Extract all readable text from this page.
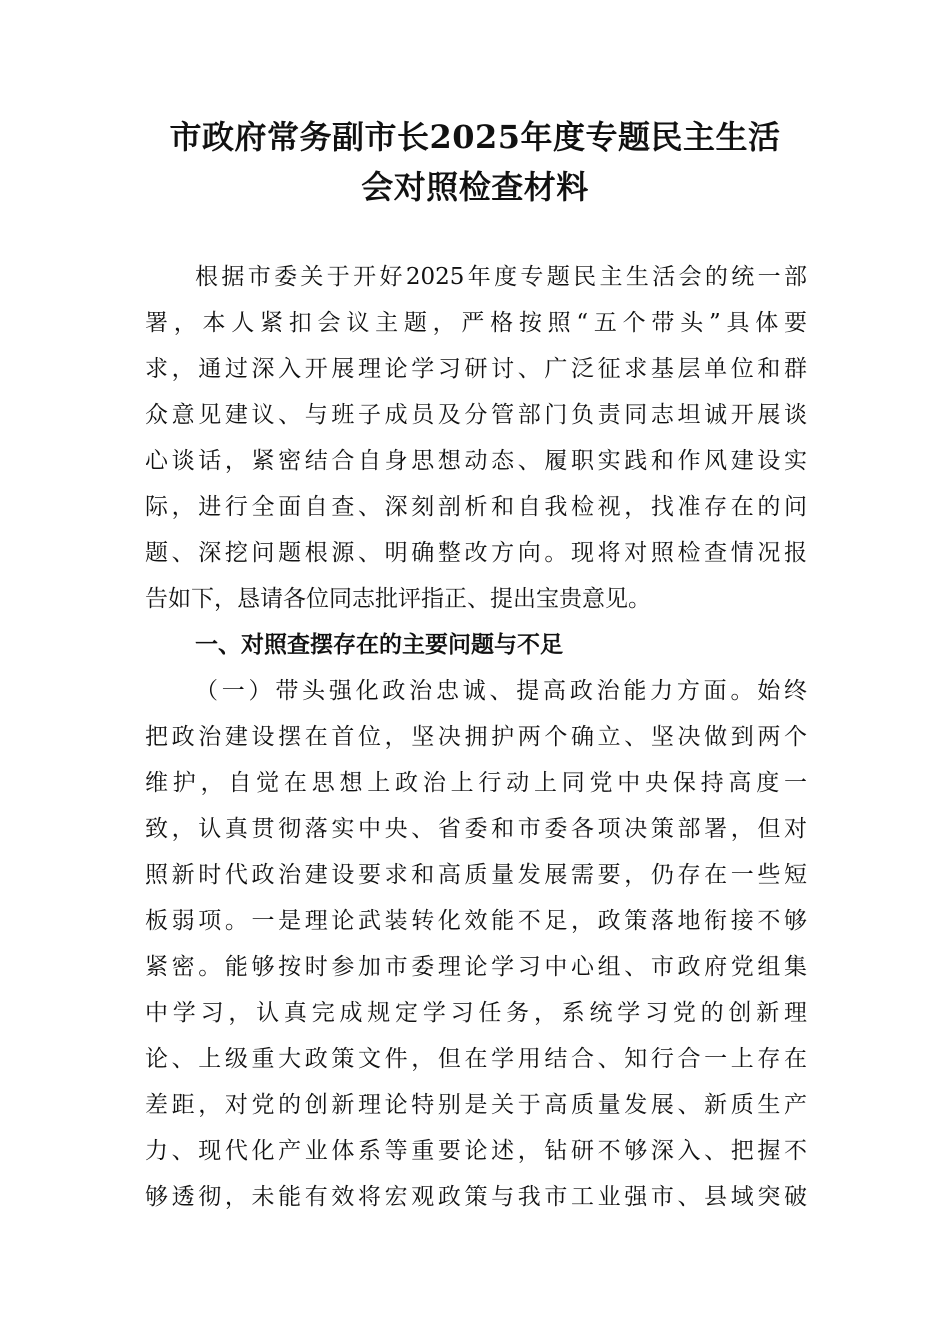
市政府常务副市长2025年度专题民主生活
会对照检查材料
根据市委关于开好2025年度专题民主生活会的统一部
署，本人紧扣会议主题，严格按照“五个带头”具体要
求，通过深入开展理论学习研讨、广泛征求基层单位和群
众意见建议、与班子成员及分管部门负责同志坦诚开展谈
心谈话，紧密结合自身思想动态、履职实践和作风建设实
际，进行全面自查、深刻剖析和自我检视，找准存在的问
题、深挖问题根源、明确整改方向。现将对照检查情况报
告如下，恳请各位同志批评指正、提出宝贵意见。
一、对照查摆存在的主要问题与不足
（一）带头强化政治忠诚、提高政治能力方面。始终
把政治建设摆在首位，坚决拥护两个确立、坚决做到两个
维护，自觉在思想上政治上行动上同党中央保持高度一
致，认真贯彻落实中央、省委和市委各项决策部署，但对
照新时代政治建设要求和高质量发展需要，仍存在一些短
板弱项。一是理论武装转化效能不足，政策落地衔接不够
紧密。能够按时参加市委理论学习中心组、市政府党组集
中学习，认真完成规定学习任务，系统学习党的创新理
论、上级重大政策文件，但在学用结合、知行合一上存在
差距，对党的创新理论特别是关于高质量发展、新质生产
力、现代化产业体系等重要论述，钻研不够深入、把握不
够透彻，未能有效将宏观政策与我市工业强市、县域突破
